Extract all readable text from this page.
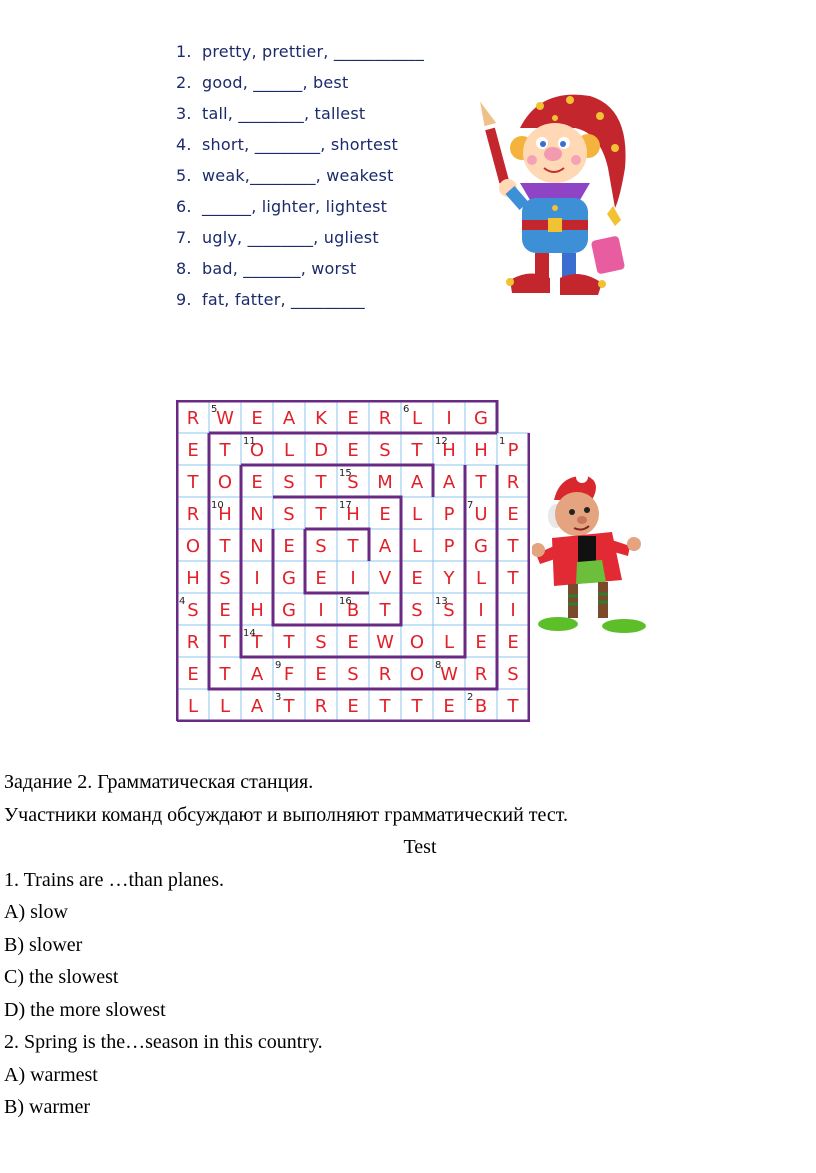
1. pretty, prettier, ___________
2. good, ______, best
3. tall, ________, tallest
4. short, ________, shortest
5. weak,________, weakest
6. ______, lighter, lightest
7. ugly, ________, ugliest
8. bad, _______, worst
9. fat, fatter, _________
R W E A K E R L I G
E T O L D E S T H H P
T O E S T S M A A T R
R H N S T H E L P U E
O T N E S T A L P G T
H S I G E I V E Y L T
S E H G I B T S S I I
R T T T S E W O L E E
E T A F E S R O W R S
L L A T R E T T E B T
5	6
11	12	1
15
10	17	7
4	16	13
14
9	8
3	2
Задание 2. Грамматическая станция.
Участники команд обсуждают и выполняют грамматический тест.
Test
1. Trains are …than planes.
A) slow
B) slower
C) the slowest
D) the more slowest
2. Spring is the…season in this country.
A) warmest
B) warmer
